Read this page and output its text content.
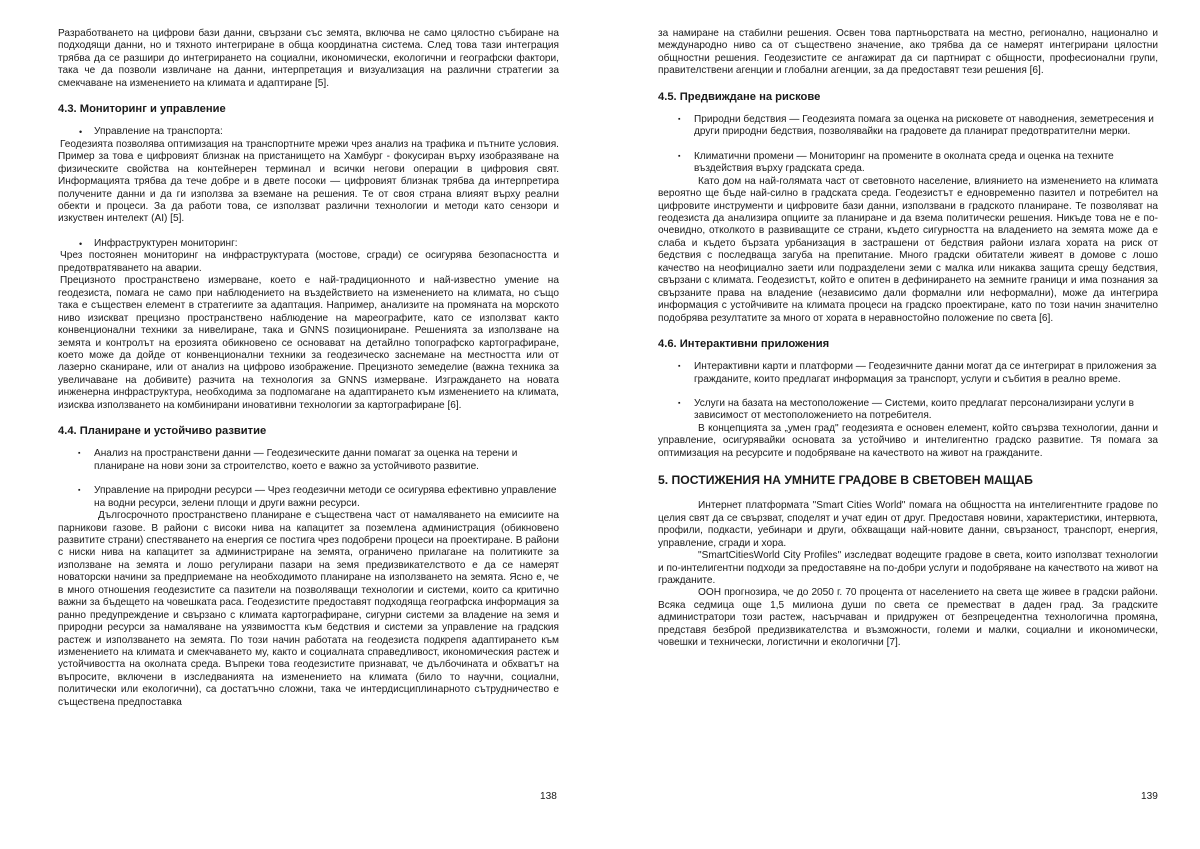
Разработването на цифрови бази данни, свързани със земята, включва не само цялостно събиране на подходящи данни, но и тяхното интегриране в обща координатна система. След това тази интеграция трябва да се разшири до интегрирането на социални, икономически, екологични и географски фактори, така че да позволи извличане на данни, интерпретация и визуализация на различни стратегии за смекчаване на изменението на климата и адаптиране [5].

4.3. Мониторинг и управление
• Управление на транспорта:

Геодезията позволява оптимизация на транспортните мрежи чрез анализ на трафика и пътните условия. Пример за това е цифровият близнак на пристанището на Хамбург - фокусиран върху изобразяване на физическите свойства на контейнерен терминал и всички негови операции в цифровия свят. Информацията трябва да тече добре и в двете посоки — цифровият близнак трябва да интерпретира получените данни и да ги използва за вземане на решения. Те от своя страна влияят върху реални обекти и процеси. За да работи това, се използват различни технологии и методи като сензори и изкуствен интелект (AI) [5].

• Инфраструктурен мониторинг:

Чрез постоянен мониторинг на инфраструктурата (мостове, сгради) се осигурява безопасността и предотвратяването на аварии.

Прецизното пространствено измерване, което е най-традиционното и най-известно умение на геодезиста, помага не само при наблюдението на въздействието на изменението на климата, но също така е съществен елемент в стратегиите за адаптация. Например, анализите на промяната на морското ниво изискват прецизно пространствено наблюдение на мареографите, като се използват както конвенционални техники за нивелиране, така и GNNS позициониране. Решенията за използване на земята и контролът на ерозията обикновено се основават на детайлно топографско картографиране, което може да дойде от конвенционални техники за геодезическо заснемане на местността или от лазерно сканиране, или от анализ на цифрово изображение. Прецизното земеделие (важна техника за увеличаване на добивите) разчита на технология за GNNS измерване. Изграждането на новата инженерна инфраструктура, необходима за подпомагане на адаптирането към изменението на климата, изисква използването на комбинирани иновативни технологии за картографиране [6].

4.4. Планиране и устойчиво развитие
▪ Анализ на пространствени данни — Геодезическите данни помагат за оценка на терени и планиране на нови зони за строителство, което е важно за устойчивото развитие.
▪ Управление на природни ресурси — Чрез геодезични методи се осигурява ефективно управление на водни ресурси, зелени площи и други важни ресурси.

Дългосрочното пространствено планиране е съществена част от намаляването на емисиите на парникови газове. В райони с високи нива на капацитет за поземлена администрация (обикновено развитите страни) спестяването на енергия се постига чрез подобрени процеси на проектиране. В райони с ниски нива на капацитет за администриране на земята, ограничено прилагане на политиките за използване на земята и лошо регулирани пазари на земя предизвикателството е да се намерят новаторски начини за предприемане на необходимото планиране на използването на земята. Ясно е, че в много отношения геодезистите са пазители на позволяващи технологии и системи, които са критично важни за бъдещето на човешката раса. Геодезистите предоставят подходяща географска информация за ранно предупреждение и свързано с климата картографиране, сигурни системи за владение на земя и природни ресурси за намаляване на уязвимостта към бедствия и системи за управление на градския растеж и използването на земята. По този начин работата на геодезиста подкрепя адаптирането към изменението на климата и смекчаването му, както и социалната справедливост, икономическия растеж и устойчивостта на околната среда. Въпреки това геодезистите признават, че дълбочината и обхватът на въпросите, включени в изследванията на изменението на климата (било то научни, социални, политически или екологични), са достатъчно сложни, така че интердисциплинарното сътрудничество е съществена предпоставка

138

за намиране на стабилни решения. Освен това партньорствата на местно, регионално, национално и международно ниво са от съществено значение, ако трябва да се намерят интегрирани цялостни общностни решения. Геодезистите се ангажират да си партнират с общности, професионални групи, правителствени агенции и глобални агенции, за да предоставят тези решения [6].

4.5. Предвиждане на рискове
▪ Природни бедствия — Геодезията помага за оценка на рисковете от наводнения, земетресения и други природни бедствия, позволявайки на градовете да планират предотвратителни мерки.
▪ Климатични промени — Мониторинг на промените в околната среда и оценка на техните въздействия върху градската среда.

Като дом на най-голямата част от световното население, влиянието на изменението на климата вероятно ще бъде най-силно в градската среда. Геодезистът е едновременно пазител и потребител на цифровите инструменти и цифровите бази данни, използвани в градското планиране. Те позволяват на геодезиста да анализира опциите за планиране и да взема политически решения. Никъде това не е по-очевидно, отколкото в развиващите се страни, където сигурността на владението на земята може да е слаба и където бързата урбанизация в застрашени от бедствия райони излага хората на риск от бедствия с последваща загуба на препитание. Много градски обитатели живеят в домове с лошо качество на неофициално заети или подразделени земи с малка или никаква защита срещу бедствия, свързани с климата. Геодезистът, който е опитен в дефинирането на земните граници и има познания за свързаните права на владение (независимо дали формални или неформални), може да интегрира информация с устойчивите на климата процеси на градско проектиране, като по този начин значително подобрява резултатите за много от хората в неравностойно положение по света [6].

4.6. Интерактивни приложения
▪ Интерактивни карти и платформи — Геодезичните данни могат да се интегрират в приложения за гражданите, които предлагат информация за транспорт, услуги и събития в реално време.
▪ Услуги на базата на местоположение — Системи, които предлагат персонализирани услуги в зависимост от местоположението на потребителя.

В концепцията за „умен град" геодезията е основен елемент, който свързва технологии, данни и управление, осигурявайки основата за устойчиво и интелигентно градско развитие. Тя помага за оптимизация на ресурсите и подобряване на качеството на живот на гражданите.

5. ПОСТИЖЕНИЯ НА УМНИТЕ ГРАДОВЕ В СВЕТОВЕН МАЩАБ

Интернет платформата "Smart Cities World" помага на общността на интелигентните градове по целия свят да се свързват, споделят и учат един от друг. Предоставя новини, характеристики, интервюта, профили, подкасти, уебинари и други, обхващащи най-новите данни, свързаност, транспорт, енергия, управление, сгради и хора.

"SmartCitiesWorld City Profiles" изследват водещите градове в света, които използват технологии и по-интелигентни подходи за предоставяне на по-добри услуги и подобряване на качеството на живот на гражданите.

ООН прогнозира, че до 2050 г. 70 процента от населението на света ще живее в градски райони. Всяка седмица още 1,5 милиона души по света се преместват в даден град. За градските администратори този растеж, насърчаван и придружен от безпрецедентна технологична промяна, представя безброй предизвикателства и възможности, големи и малки, социални и икономически, човешки и технически, логистични и екологични [7].

139
